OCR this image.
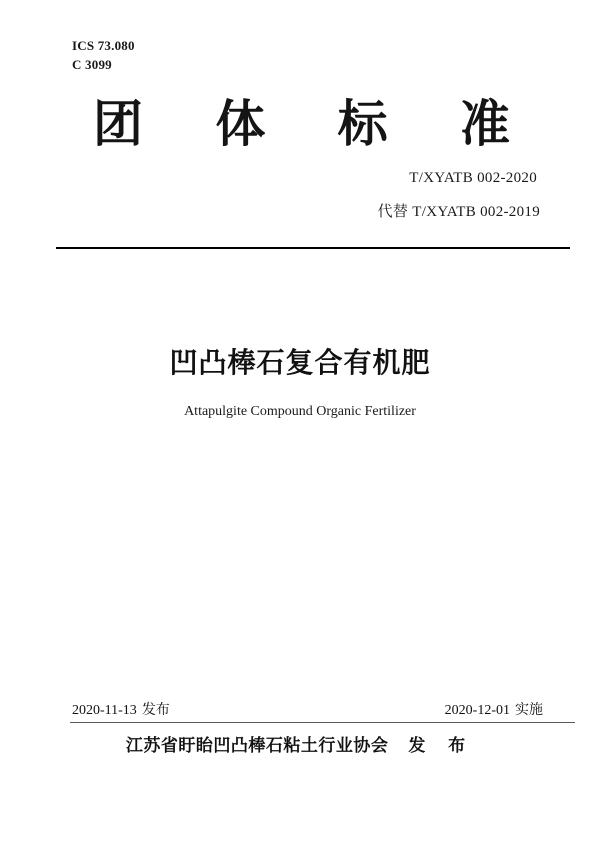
ICS 73.080
C 3099
团 体 标 准
T/XYATB 002-2020
代替 T/XYATB 002-2019
凹凸棒石复合有机肥
Attapulgite Compound Organic Fertilizer
2020-11-13 发布	2020-12-01 实施
江苏省盱眙凹凸棒石粘土行业协会 发 布
